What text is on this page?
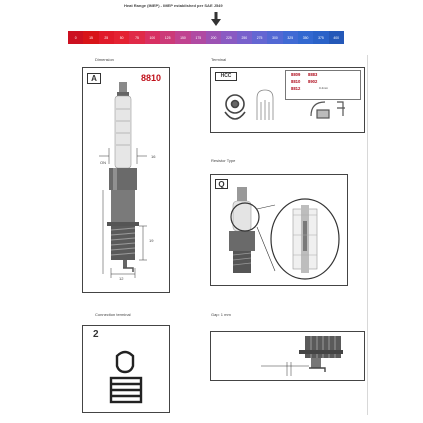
Heat Range (IMEP) - IMEP established per SAE J549
0	15	25	50	75	100	125	150	175	200	225	250	275	300	325	350	375	400
Dimension	Terminal
Resistor Type
Connection terminal	Gap: 1 mm
A	8810
ON
16
19
12
HCC	8809 8883
8810 8902
8812	0.4mm
Q
2
